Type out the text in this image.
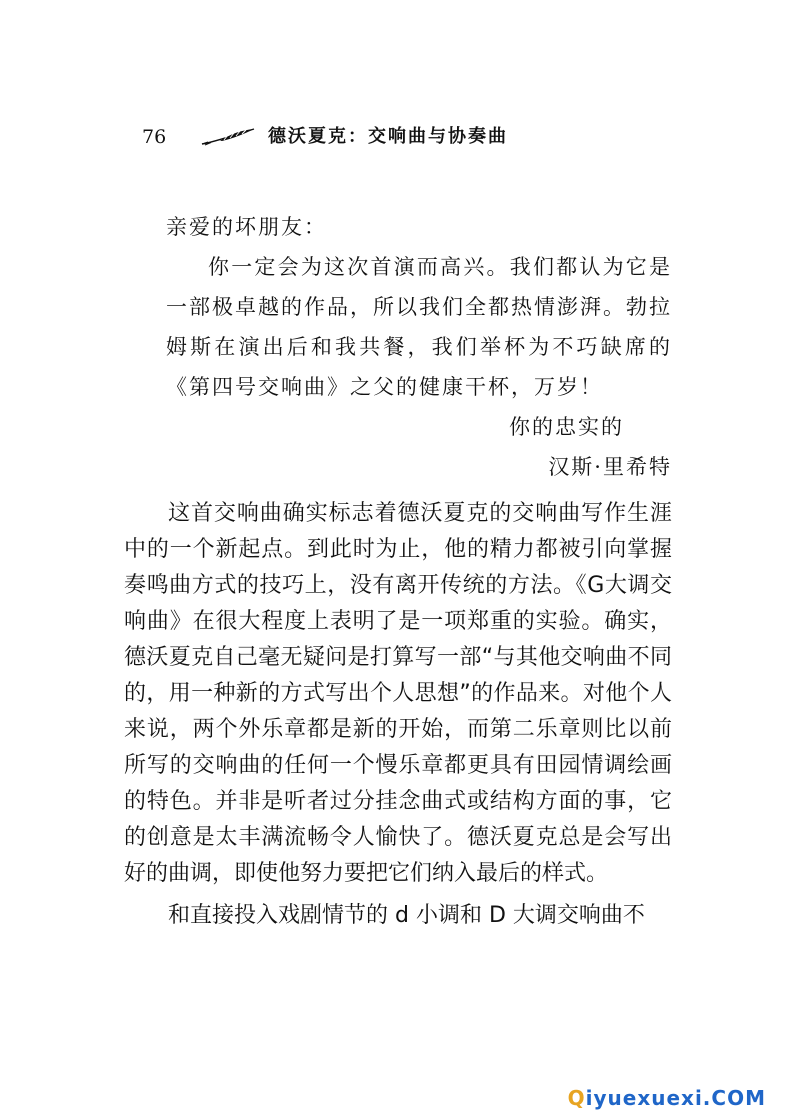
76	德沃夏克：交响曲与协奏曲
亲爱的坏朋友：
你一定会为这次首演而高兴。我们都认为它是
一部极卓越的作品，所以我们全都热情澎湃。勃拉
姆斯在演出后和我共餐，我们举杯为不巧缺席的
《第四号交响曲》之父的健康干杯，万岁！
你的忠实的
汉斯·里希特

这首交响曲确实标志着德沃夏克的交响曲写作生涯中的一个新起点。到此时为止，他的精力都被引向掌握奏鸣曲方式的技巧上，没有离开传统的方法。《G大调交响曲》在很大程度上表明了是一项郑重的实验。确实，德沃夏克自己毫无疑问是打算写一部“与其他交响曲不同的，用一种新的方式写出个人思想”的作品来。对他个人来说，两个外乐章都是新的开始，而第二乐章则比以前所写的交响曲的任何一个慢乐章都更具有田园情调绘画的特色。并非是听者过分挂念曲式或结构方面的事，它的创意是太丰满流畅令人愉快了。德沃夏克总是会写出好的曲调，即使他努力要把它们纳入最后的样式。

和直接投入戏剧情节的 d 小调和 D 大调交响曲不

Qiyuexuexi.COM
